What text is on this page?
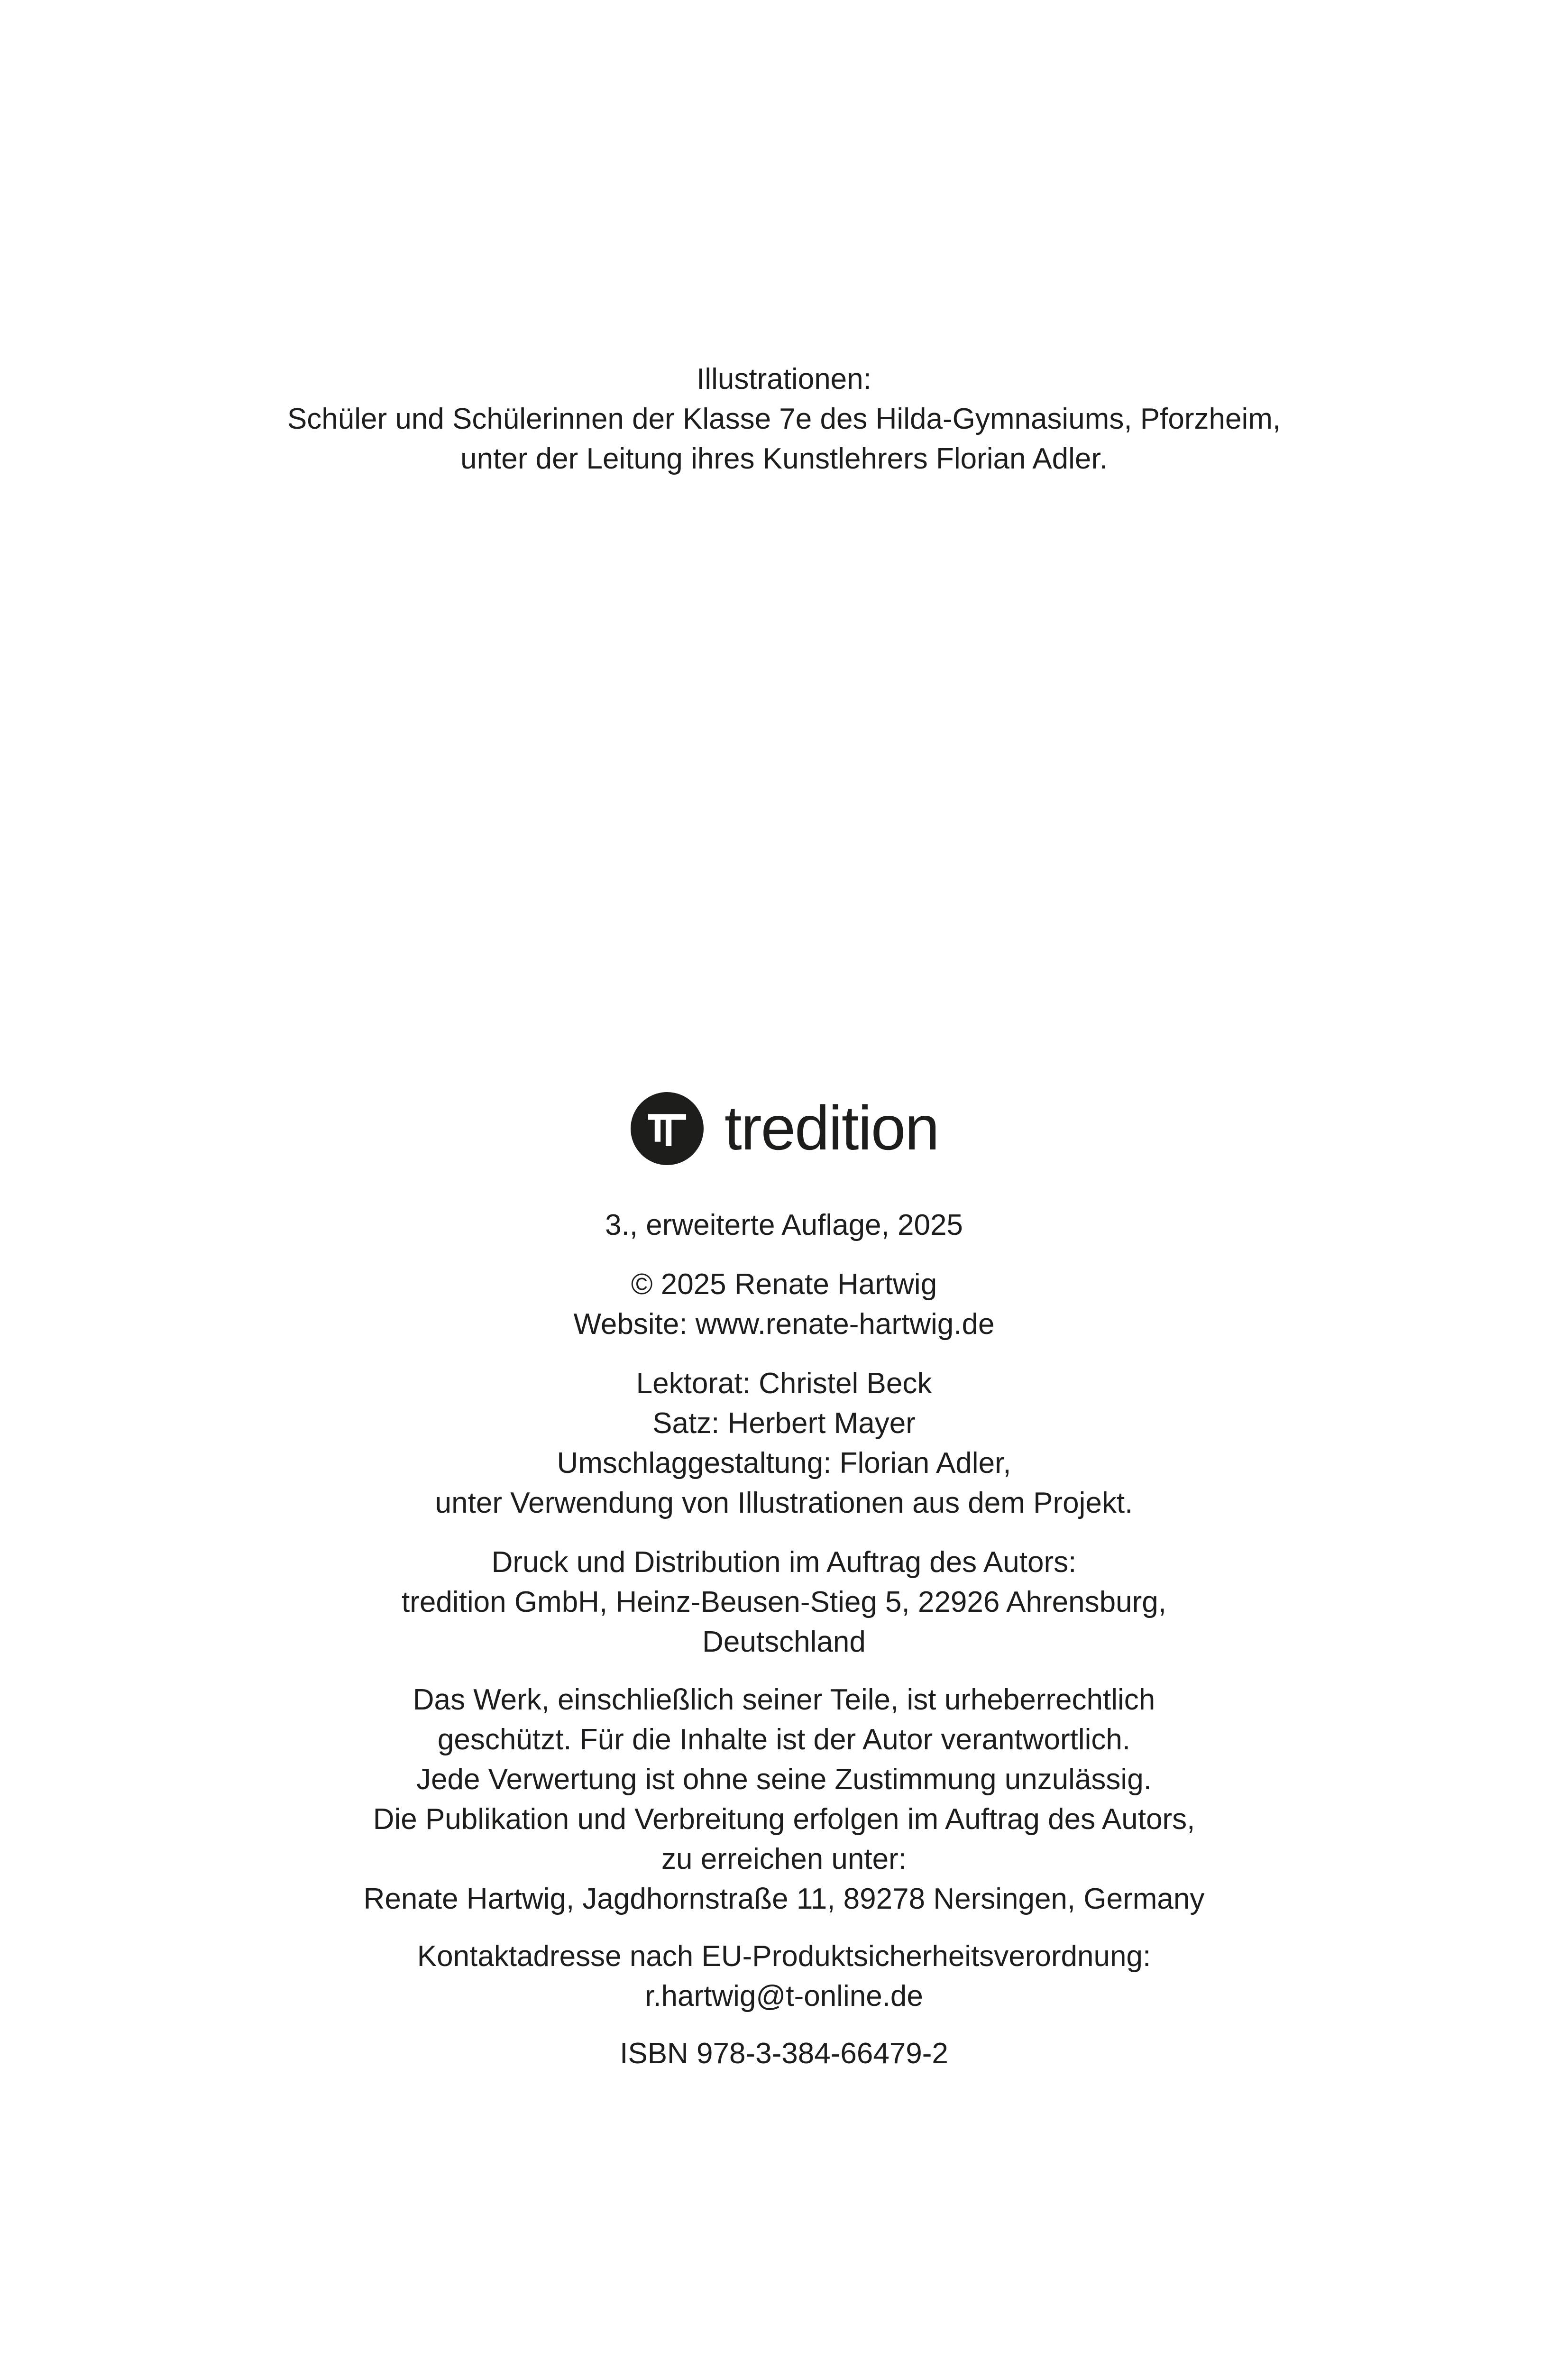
Illustrationen:
Schüler und Schülerinnen der Klasse 7e des Hilda-Gymnasiums, Pforzheim,
unter der Leitung ihres Kunstlehrers Florian Adler.
tredition
3., erweiterte Auflage, 2025
© 2025 Renate Hartwig
Website: www.renate-hartwig.de
Lektorat: Christel Beck
Satz: Herbert Mayer
Umschlaggestaltung: Florian Adler,
unter Verwendung von Illustrationen aus dem Projekt.
Druck und Distribution im Auftrag des Autors:
tredition GmbH, Heinz-Beusen-Stieg 5, 22926 Ahrensburg,
Deutschland
Das Werk, einschließlich seiner Teile, ist urheberrechtlich
geschützt. Für die Inhalte ist der Autor verantwortlich.
Jede Verwertung ist ohne seine Zustimmung unzulässig.
Die Publikation und Verbreitung erfolgen im Auftrag des Autors,
zu erreichen unter:
Renate Hartwig, Jagdhornstraße 11, 89278 Nersingen, Germany
Kontaktadresse nach EU-Produktsicherheitsverordnung:
r.hartwig@t-online.de
ISBN 978-3-384-66479-2
